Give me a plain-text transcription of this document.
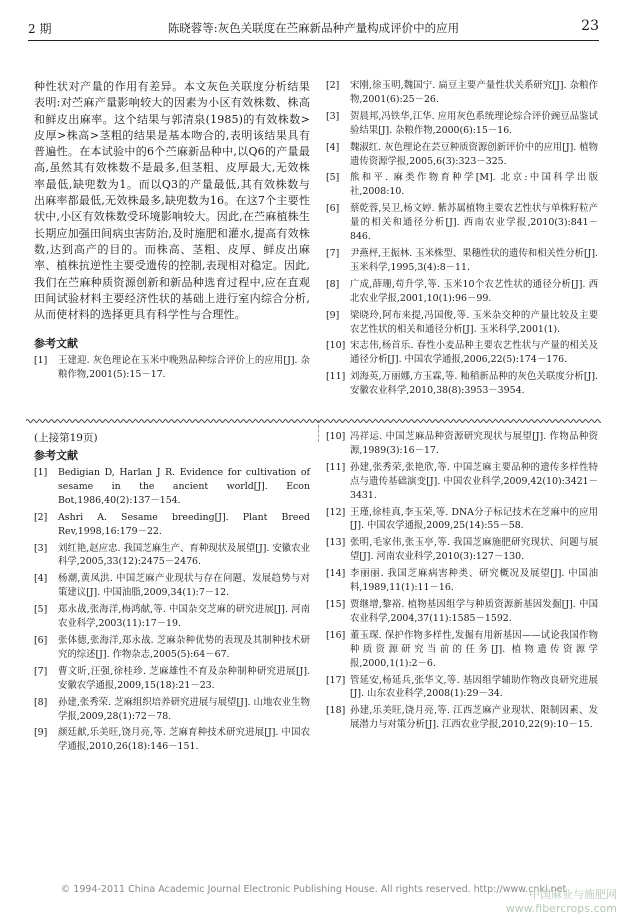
2 期	陈晓蓉等:灰色关联度在苎麻新品种产量构成评价中的应用	23

种性状对产量的作用有差异。本文灰色关联度分析结果表明:对苎麻产量影响较大的因素为小区有效株数、株高和鲜皮出麻率。这个结果与郭清泉(1985)的有效株数>皮厚>株高>茎粗的结果是基本吻合的,表明该结果具有普遍性。在本试验中的6个苎麻新品种中,以Q6的产量最高,虽然其有效株数不是最多,但茎粗、皮厚最大,无效株率最低,缺兜数为1。而以Q3的产量最低,其有效株数与出麻率都最低,无效株最多,缺兜数为16。在这7个主要性状中,小区有效株数受环境影响较大。因此,在苎麻植株生长期应加强田间病虫害防治,及时施肥和灌水,提高有效株数,达到高产的目的。而株高、茎粗、皮厚、鲜皮出麻率、植株抗逆性主要受遗传的控制,表现相对稳定。因此,我们在苎麻种质资源创新和新品种选育过程中,应在直观田间试验材料主要经济性状的基础上进行室内综合分析,从而使材料的选择更具有科学性与合理性。

参考文献

[1] 王建迎. 灰色理论在玉米中晚熟品种综合评价上的应用[J]. 杂粮作物,2001(5):15－17.
[2] 宋刚,徐玉明,魏国宁. 扁豆主要产量性状关系研究[J]. 杂粮作物,2001(6):25－26.
[3] 贺晨邦,冯铁华,江华. 应用灰色系统理论综合评价豌豆品鉴试验结果[J]. 杂粮作物,2000(6):15－16.
[4] 魏淑红. 灰色理论在芸豆种质资源创新评价中的应用[J]. 植物遗传资源学报,2005,6(3):323－325.
[5] 熊和平. 麻类作物育种学[M]. 北京:中国科学出版社,2008:10.
[6] 蔡乾蓉,吴卫,杨文婷. 紫苏属植物主要农艺性状与单株籽粒产量的相关和通径分析[J]. 西南农业学报,2010(3):841－846.
[7] 尹燕枰,王振林. 玉米株型、果穗性状的遗传和相关性分析[J]. 玉米科学,1995,3(4):8－11.
[8] 广成,薛珊,苟升学,等. 玉米10个农艺性状的通径分析[J]. 西北农业学报,2001,10(1):96－99.
[9] 梁晓玲,阿布来提,冯国俊,等. 玉米杂交种的产量比较及主要农艺性状的相关和通径分析[J]. 玉米科学,2001(1).
[10] 宋志伟,杨首乐. 春性小麦品种主要农艺性状与产量的相关及通径分析[J]. 中国农学通报,2006,22(5):174－176.
[11] 刘海英,万丽娜,方玉霖,等. 籼稻新品种的灰色关联度分析[J]. 安徽农业科学,2010,38(8):3953－3954.

(上接第19页)

参考文献

[1] Bedigian D, Harlan J R. Evidence for cultivation of sesame in the ancient world[J]. Econ Bot,1986,40(2):137－154.
[2] Ashri A. Sesame breeding[J]. Plant Breed Rev,1998,16:179－22.
[3] 刘红艳,赵应忠. 我国芝麻生产、育种现状及展望[J]. 安徽农业科学,2005,33(12):2475－2476.
[4] 杨潮,黄凤洪. 中国芝麻产业现状与存在问题、发展趋势与对策建议[J]. 中国油脂,2009,34(1):7－12.
[5] 郑永战,张海洋,梅鸿献,等. 中国杂交芝麻的研究进展[J]. 河南农业科学,2003(11):17－19.
[6] 张体德,张海洋,郑永战. 芝麻杂种优势的表现及其制种技术研究的综述[J]. 作物杂志,2005(5):64－67.
[7] 曹文昕,汪强,徐桂珍. 芝麻雄性不育及杂种制种研究进展[J]. 安徽农学通报,2009,15(18):21－23.
[8] 孙建,张秀荣. 芝麻组织培养研究进展与展望[J]. 山地农业生物学报,2009,28(1):72－78.
[9] 颜廷献,乐美旺,饶月亮,等. 芝麻育种技术研究进展[J]. 中国农学通报,2010,26(18):146－151.
[10] 冯祥运. 中国芝麻品种资源研究现状与展望[J]. 作物品种资源,1989(3):16－17.
[11] 孙建,张秀荣,张艳欣,等. 中国芝麻主要品种的遗传多样性特点与遗传基础演变[J]. 中国农业科学,2009,42(10):3421－3431.
[12] 王瑾,徐桂真,李玉荣,等. DNA分子标记技术在芝麻中的应用[J]. 中国农学通报,2009,25(14):55－58.
[13] 张明,毛家伟,张玉亭,等. 我国芝麻施肥研究现状、问题与展望[J]. 河南农业科学,2010(3):127－130.
[14] 李丽丽. 我国芝麻病害种类、研究概况及展望[J]. 中国油料,1989,11(1):11－16.
[15] 贾继增,黎裕. 植物基因组学与种质资源新基因发掘[J]. 中国农业科学,2004,37(11):1585－1592.
[16] 董玉琛. 保护作物多样性,发掘有用新基因——试论我国作物种质资源研究当前的任务[J]. 植物遗传资源学报,2000,1(1):2－6.
[17] 管延安,杨延兵,张华文,等. 基因组学辅助作物改良研究进展[J]. 山东农业科学,2008(1):29－34.
[18] 孙建,乐美旺,饶月亮,等. 江西芝麻产业现状、限制因素、发展潜力与对策分析[J]. 江西农业学报,2010,22(9):10－15.
© 1994-2011 China Academic Journal Electronic Publishing House. All rights reserved. http://www.cnki.net
中国麻业与施肥网
www.fibercrops.com
